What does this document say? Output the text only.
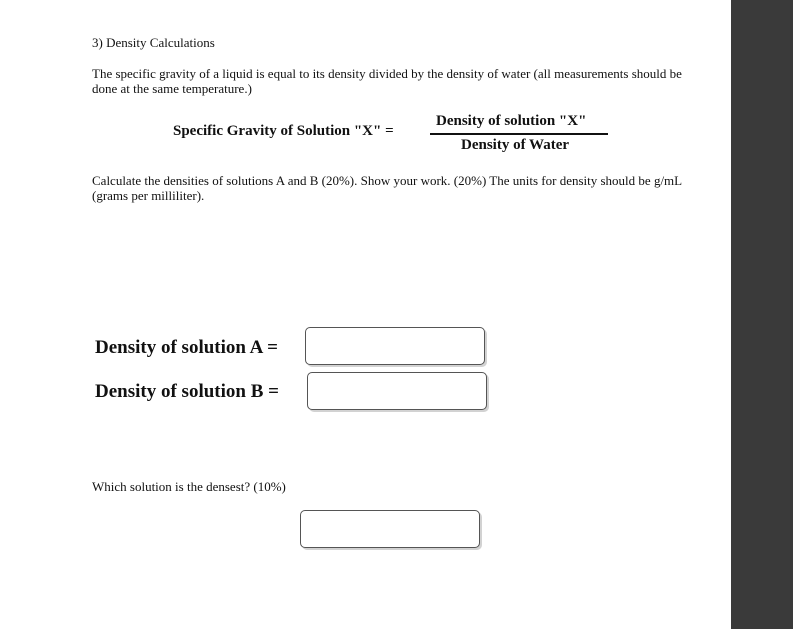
3) Density Calculations
The specific gravity of a liquid is equal to its density divided by the density of water (all measurements should be done at the same temperature.)
Specific Gravity of Solution "X" =
Density of solution "X"
Density of Water
Calculate the densities of solutions A and B (20%). Show your work. (20%) The units for density should be g/mL (grams per milliliter).
Density of solution A =
Density of solution B =
Which solution is the densest? (10%)
